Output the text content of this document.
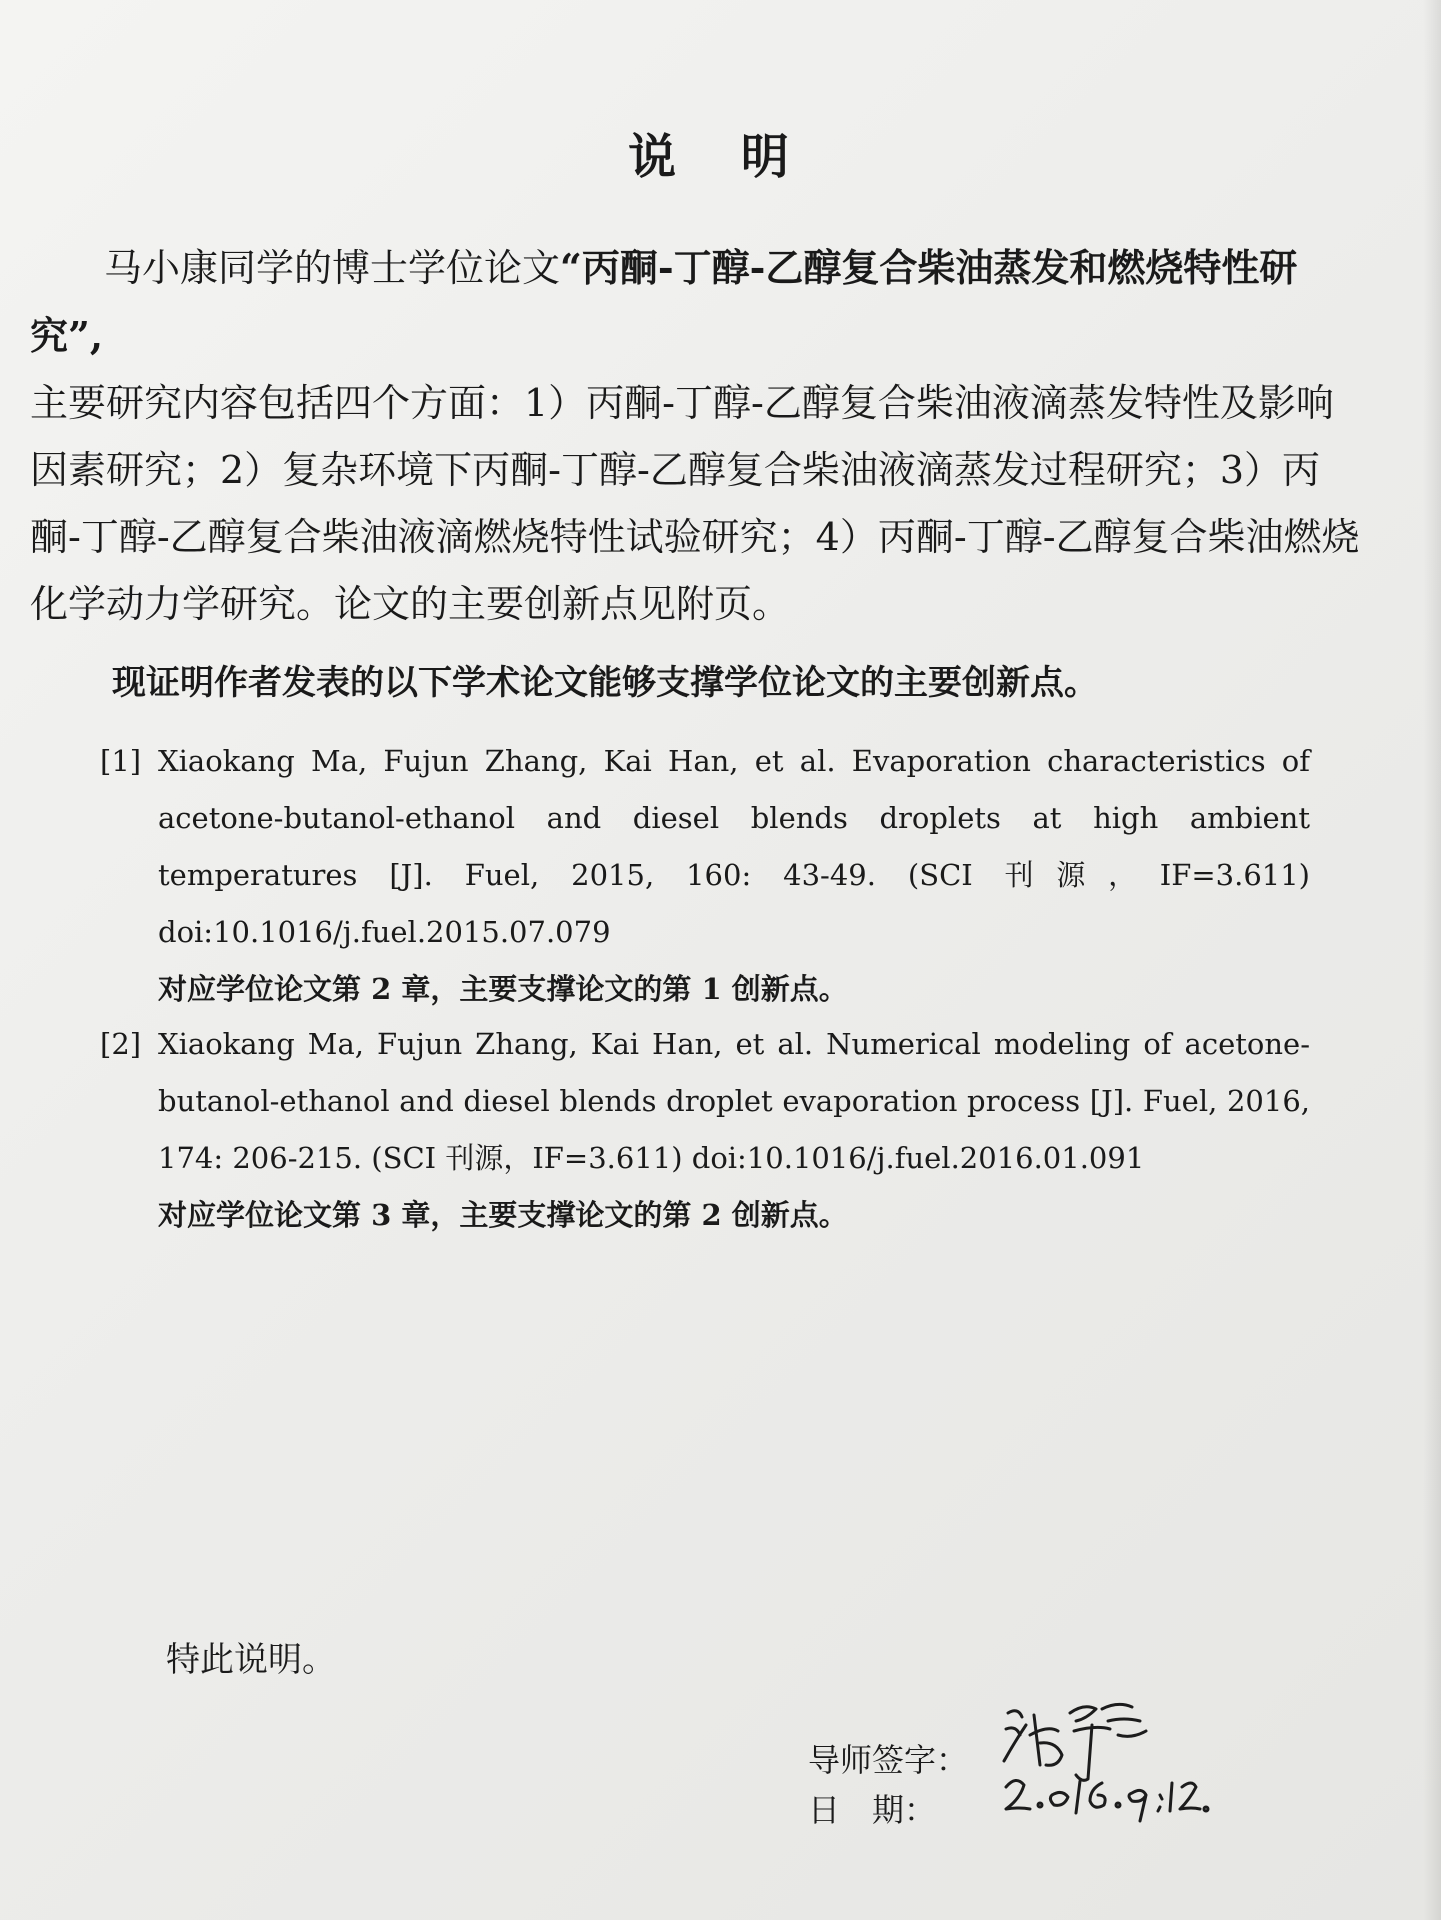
说 明
马小康同学的博士学位论文“丙酮-丁醇-乙醇复合柴油蒸发和燃烧特性研究”,
主要研究内容包括四个方面：1）丙酮-丁醇-乙醇复合柴油液滴蒸发特性及影响因素研究；2）复杂环境下丙酮-丁醇-乙醇复合柴油液滴蒸发过程研究；3）丙酮-丁醇-乙醇复合柴油液滴燃烧特性试验研究；4）丙酮-丁醇-乙醇复合柴油燃烧化学动力学研究。论文的主要创新点见附页。
现证明作者发表的以下学术论文能够支撑学位论文的主要创新点。
[1] Xiaokang Ma, Fujun Zhang, Kai Han, et al. Evaporation characteristics of acetone-butanol-ethanol and diesel blends droplets at high ambient temperatures [J]. Fuel, 2015, 160: 43-49. (SCI 刊源，IF=3.611) doi:10.1016/j.fuel.2015.07.079
对应学位论文第 2 章，主要支撑论文的第 1 创新点。
[2] Xiaokang Ma, Fujun Zhang, Kai Han, et al. Numerical modeling of acetone-butanol-ethanol and diesel blends droplet evaporation process [J]. Fuel, 2016, 174: 206-215. (SCI 刊源，IF=3.611) doi:10.1016/j.fuel.2016.01.091
对应学位论文第 3 章，主要支撑论文的第 2 创新点。
特此说明。
导师签字：
日　期：
